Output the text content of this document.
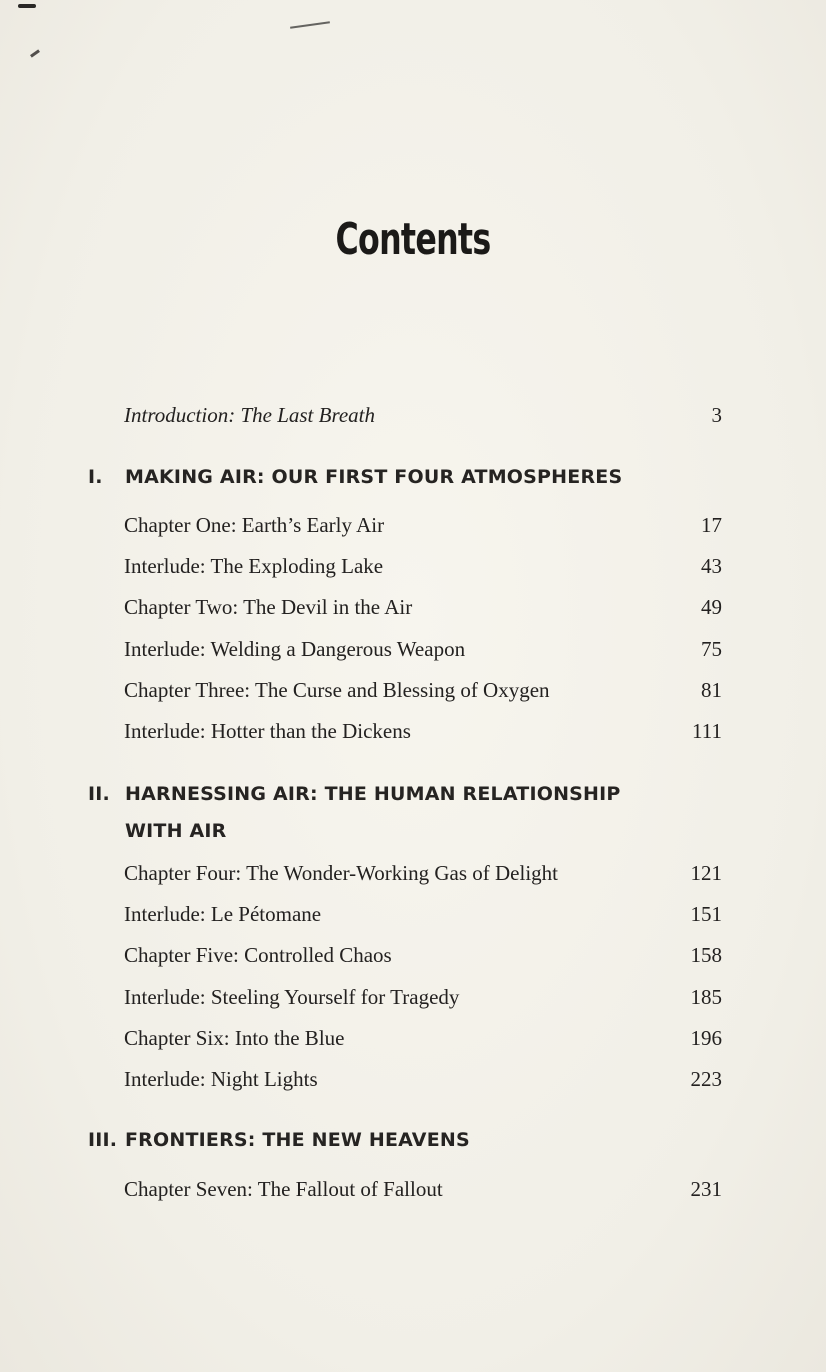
Contents
Introduction: The Last Breath	3
I. MAKING AIR: OUR FIRST FOUR ATMOSPHERES
Chapter One: Earth’s Early Air	17
Interlude: The Exploding Lake	43
Chapter Two: The Devil in the Air	49
Interlude: Welding a Dangerous Weapon	75
Chapter Three: The Curse and Blessing of Oxygen	81
Interlude: Hotter than the Dickens	111
II. HARNESSING AIR: THE HUMAN RELATIONSHIP WITH AIR
Chapter Four: The Wonder-Working Gas of Delight	121
Interlude: Le Pétomane	151
Chapter Five: Controlled Chaos	158
Interlude: Steeling Yourself for Tragedy	185
Chapter Six: Into the Blue	196
Interlude: Night Lights	223
III. FRONTIERS: THE NEW HEAVENS
Chapter Seven: The Fallout of Fallout	231
